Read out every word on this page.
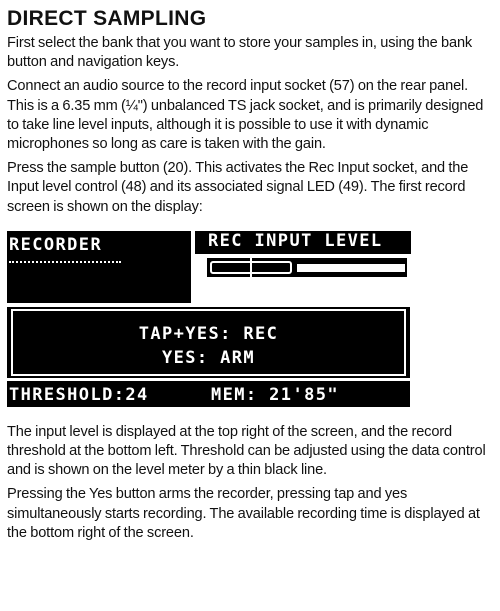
DIRECT SAMPLING

First select the bank that you want to store your samples in, using the bank button and navigation keys.

Connect an audio source to the record input socket (57) on the rear panel. This is a 6.35 mm (¼") unbalanced TS jack socket, and is primarily designed to take line level inputs, although it is possible to use it with dynamic microphones so long as care is taken with the gain.

Press the sample button (20). This activates the Rec Input socket, and the Input level control (48) and its associated signal LED (49). The first record screen is shown on the display:

RECORDER	REC INPUT LEVEL
TAP+YES: REC
YES: ARM
THRESHOLD:24	MEM: 21'85"

The input level is displayed at the top right of the screen, and the record threshold at the bottom left. Threshold can be adjusted using the data control and is shown on the level meter by a thin black line.

Pressing the Yes button arms the recorder, pressing tap and yes simultaneously starts recording. The available recording time is displayed at the bottom right of the screen.
